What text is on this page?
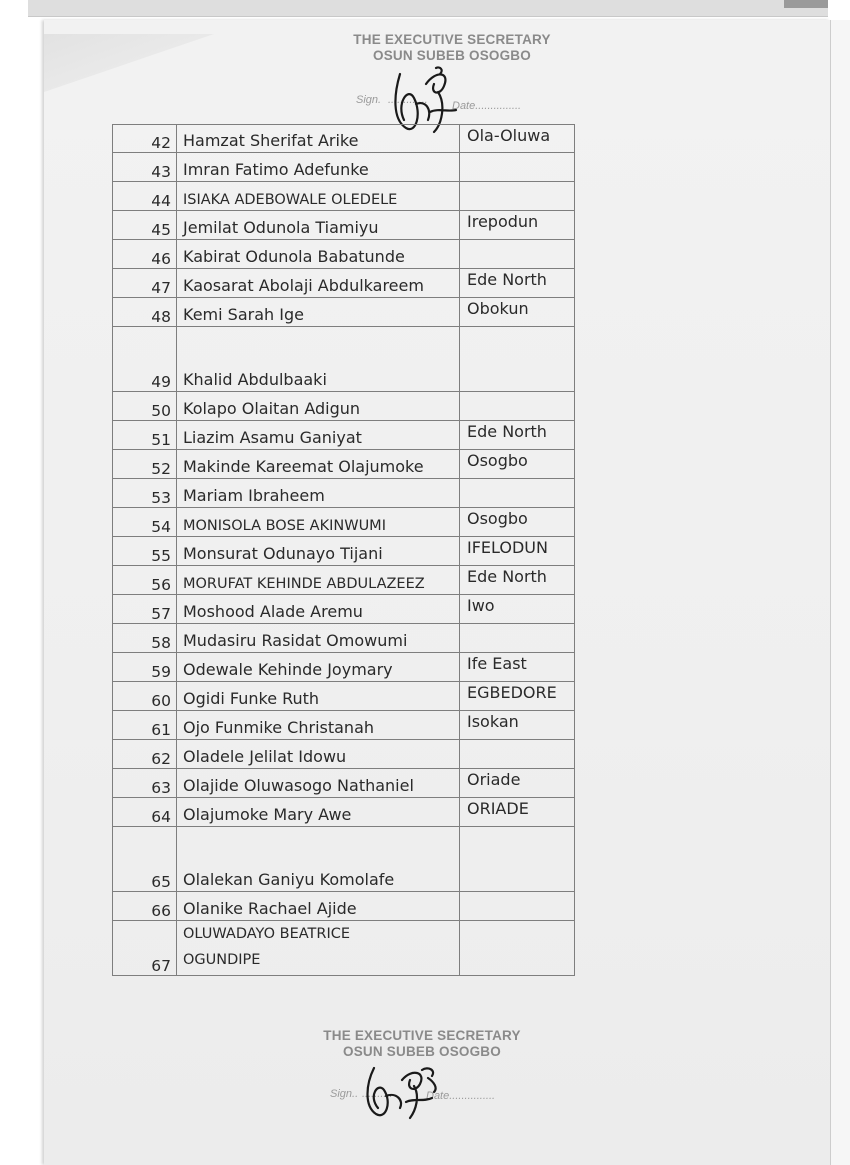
THE EXECUTIVE SECRETARY
OSUN SUBEB OSOGBO
Sign. ............. Date...............
42	Hamzat Sherifat Arike	Ola-Oluwa
43	Imran Fatimo Adefunke	

44	ISIAKA ADEBOWALE OLEDELE	

45	Jemilat Odunola Tiamiyu	Irepodun
46	Kabirat Odunola Babatunde	

47	Kaosarat Abolaji Abdulkareem	Ede North
48	Kemi Sarah Ige	Obokun
49	Khalid Abdulbaaki	

50	Kolapo Olaitan Adigun	

51	Liazim Asamu Ganiyat	Ede North
52	Makinde Kareemat Olajumoke	Osogbo
53	Mariam Ibraheem	

54	MONISOLA BOSE AKINWUMI	Osogbo
55	Monsurat Odunayo Tijani	IFELODUN
56	MORUFAT KEHINDE ABDULAZEEZ	Ede North
57	Moshood Alade Aremu	Iwo
58	Mudasiru Rasidat Omowumi	

59	Odewale Kehinde Joymary	Ife East
60	Ogidi Funke Ruth	EGBEDORE
61	Ojo Funmike Christanah	Isokan
62	Oladele Jelilat Idowu	

63	Olajide Oluwasogo Nathaniel	Oriade
64	Olajumoke Mary Awe	ORIADE
65	Olalekan Ganiyu Komolafe	

66	Olanike Rachael Ajide	

67	OLUWADAYO BEATRICE
OGUNDIPE	

THE EXECUTIVE SECRETARY
OSUN SUBEB OSOGBO
Sign.. ..........	Date...............
